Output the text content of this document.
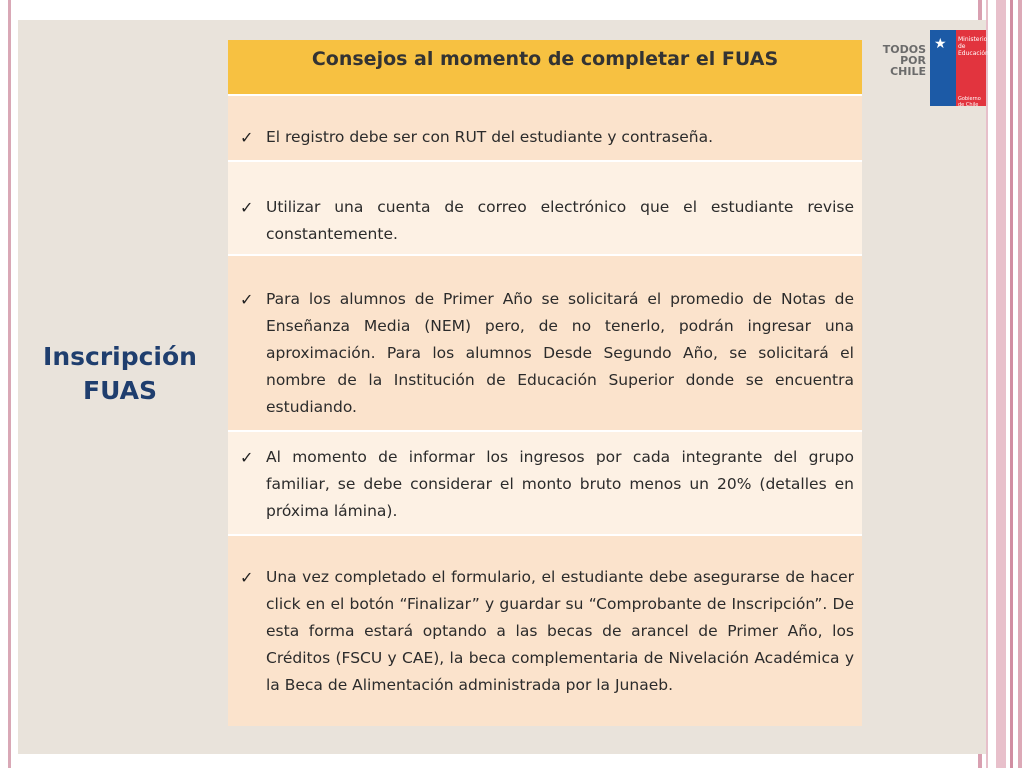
Inscripción
FUAS
Consejos al momento de completar el FUAS
✓ El registro debe ser con RUT del estudiante y contraseña.
✓ Utilizar una cuenta de correo electrónico que el estudiante revise constantemente.
✓ Para los alumnos de Primer Año se solicitará el promedio de Notas de Enseñanza Media (NEM) pero, de no tenerlo, podrán ingresar una aproximación. Para los alumnos Desde Segundo Año, se solicitará el nombre de la Institución de Educación Superior donde se encuentra estudiando.
✓ Al momento de informar los ingresos por cada integrante del grupo familiar, se debe considerar el monto bruto menos un 20% (detalles en próxima lámina).
✓ Una vez completado el formulario, el estudiante debe asegurarse de hacer click en el botón “Finalizar” y guardar su “Comprobante de Inscripción”. De esta forma estará optando a las becas de arancel de Primer Año, los Créditos (FSCU y CAE), la beca complementaria de Nivelación Académica y la Beca de Alimentación administrada por la Junaeb.
TODOS
POR
CHILE
★ Ministerio de
Educación
Gobierno de Chile
